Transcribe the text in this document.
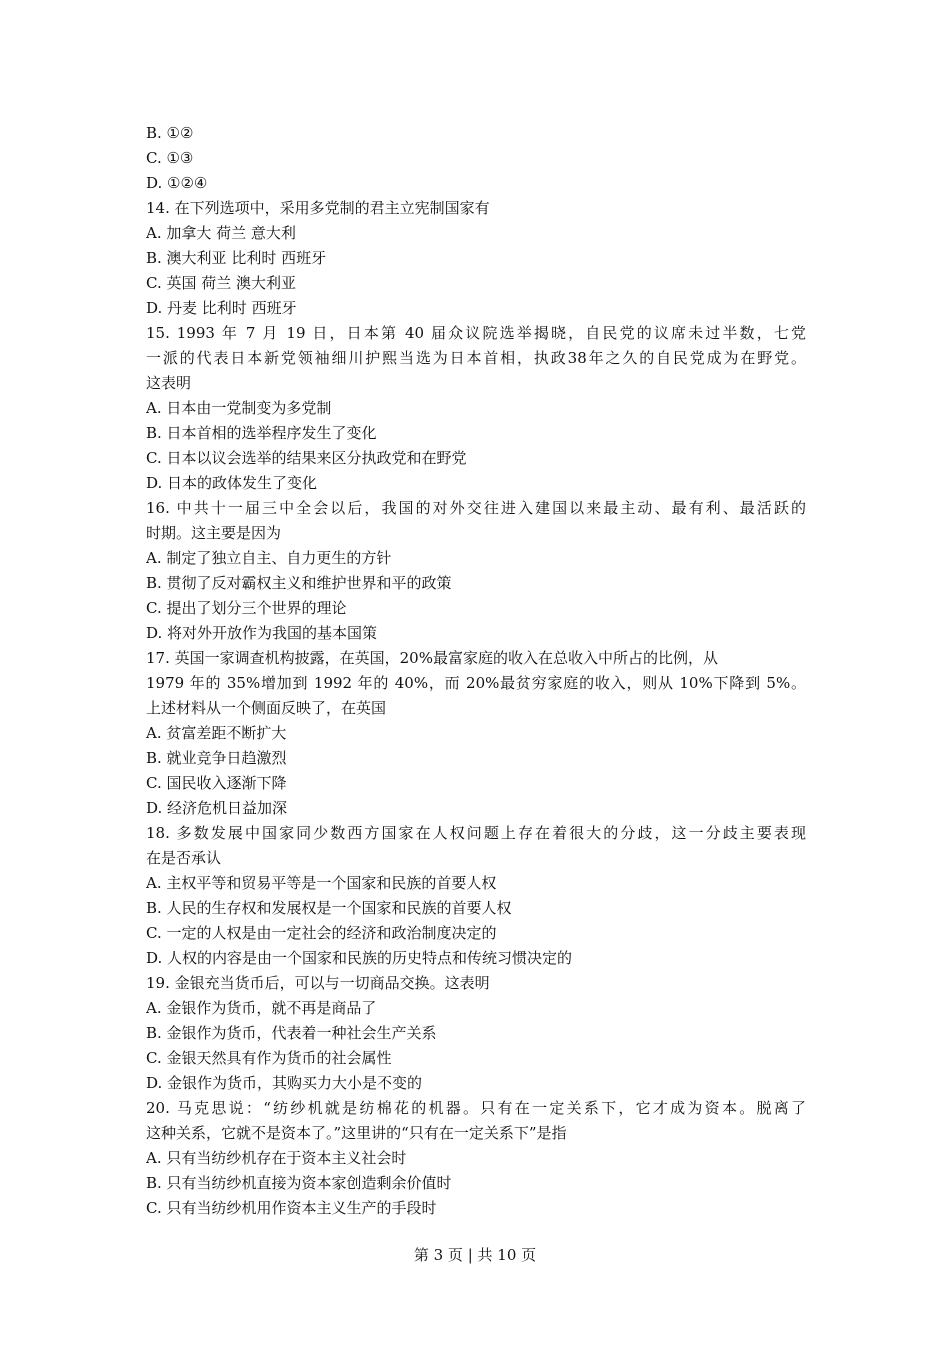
B. ①②
C. ①③
D. ①②④
14. 在下列选项中，采用多党制的君主立宪制国家有
A. 加拿大 荷兰 意大利
B. 澳大利亚 比利时 西班牙
C. 英国 荷兰 澳大利亚
D. 丹麦 比利时 西班牙
15. 1993 年 7 月 19 日，日本第 40 届众议院选举揭晓，自民党的议席未过半数，七党
一派的代表日本新党领袖细川护熙当选为日本首相，执政38年之久的自民党成为在野党。
这表明
A. 日本由一党制变为多党制
B. 日本首相的选举程序发生了变化
C. 日本以议会选举的结果来区分执政党和在野党
D. 日本的政体发生了变化
16. 中共十一届三中全会以后，我国的对外交往进入建国以来最主动、最有利、最活跃的
时期。这主要是因为
A. 制定了独立自主、自力更生的方针
B. 贯彻了反对霸权主义和维护世界和平的政策
C. 提出了划分三个世界的理论
D. 将对外开放作为我国的基本国策
17. 英国一家调查机构披露，在英国，20%最富家庭的收入在总收入中所占的比例，从
1979 年的 35%增加到 1992 年的 40%，而 20%最贫穷家庭的收入，则从 10%下降到 5%。
上述材料从一个侧面反映了，在英国
A. 贫富差距不断扩大
B. 就业竞争日趋激烈
C. 国民收入逐渐下降
D. 经济危机日益加深
18. 多数发展中国家同少数西方国家在人权问题上存在着很大的分歧，这一分歧主要表现
在是否承认
A. 主权平等和贸易平等是一个国家和民族的首要人权
B. 人民的生存权和发展权是一个国家和民族的首要人权
C. 一定的人权是由一定社会的经济和政治制度决定的
D. 人权的内容是由一个国家和民族的历史特点和传统习惯决定的
19. 金银充当货币后，可以与一切商品交换。这表明
A. 金银作为货币，就不再是商品了
B. 金银作为货币，代表着一种社会生产关系
C. 金银天然具有作为货币的社会属性
D. 金银作为货币，其购买力大小是不变的
20. 马克思说：“纺纱机就是纺棉花的机器。只有在一定关系下，它才成为资本。脱离了
这种关系，它就不是资本了。”这里讲的“只有在一定关系下”是指
A. 只有当纺纱机存在于资本主义社会时
B. 只有当纺纱机直接为资本家创造剩余价值时
C. 只有当纺纱机用作资本主义生产的手段时
第 3 页 | 共 10 页
